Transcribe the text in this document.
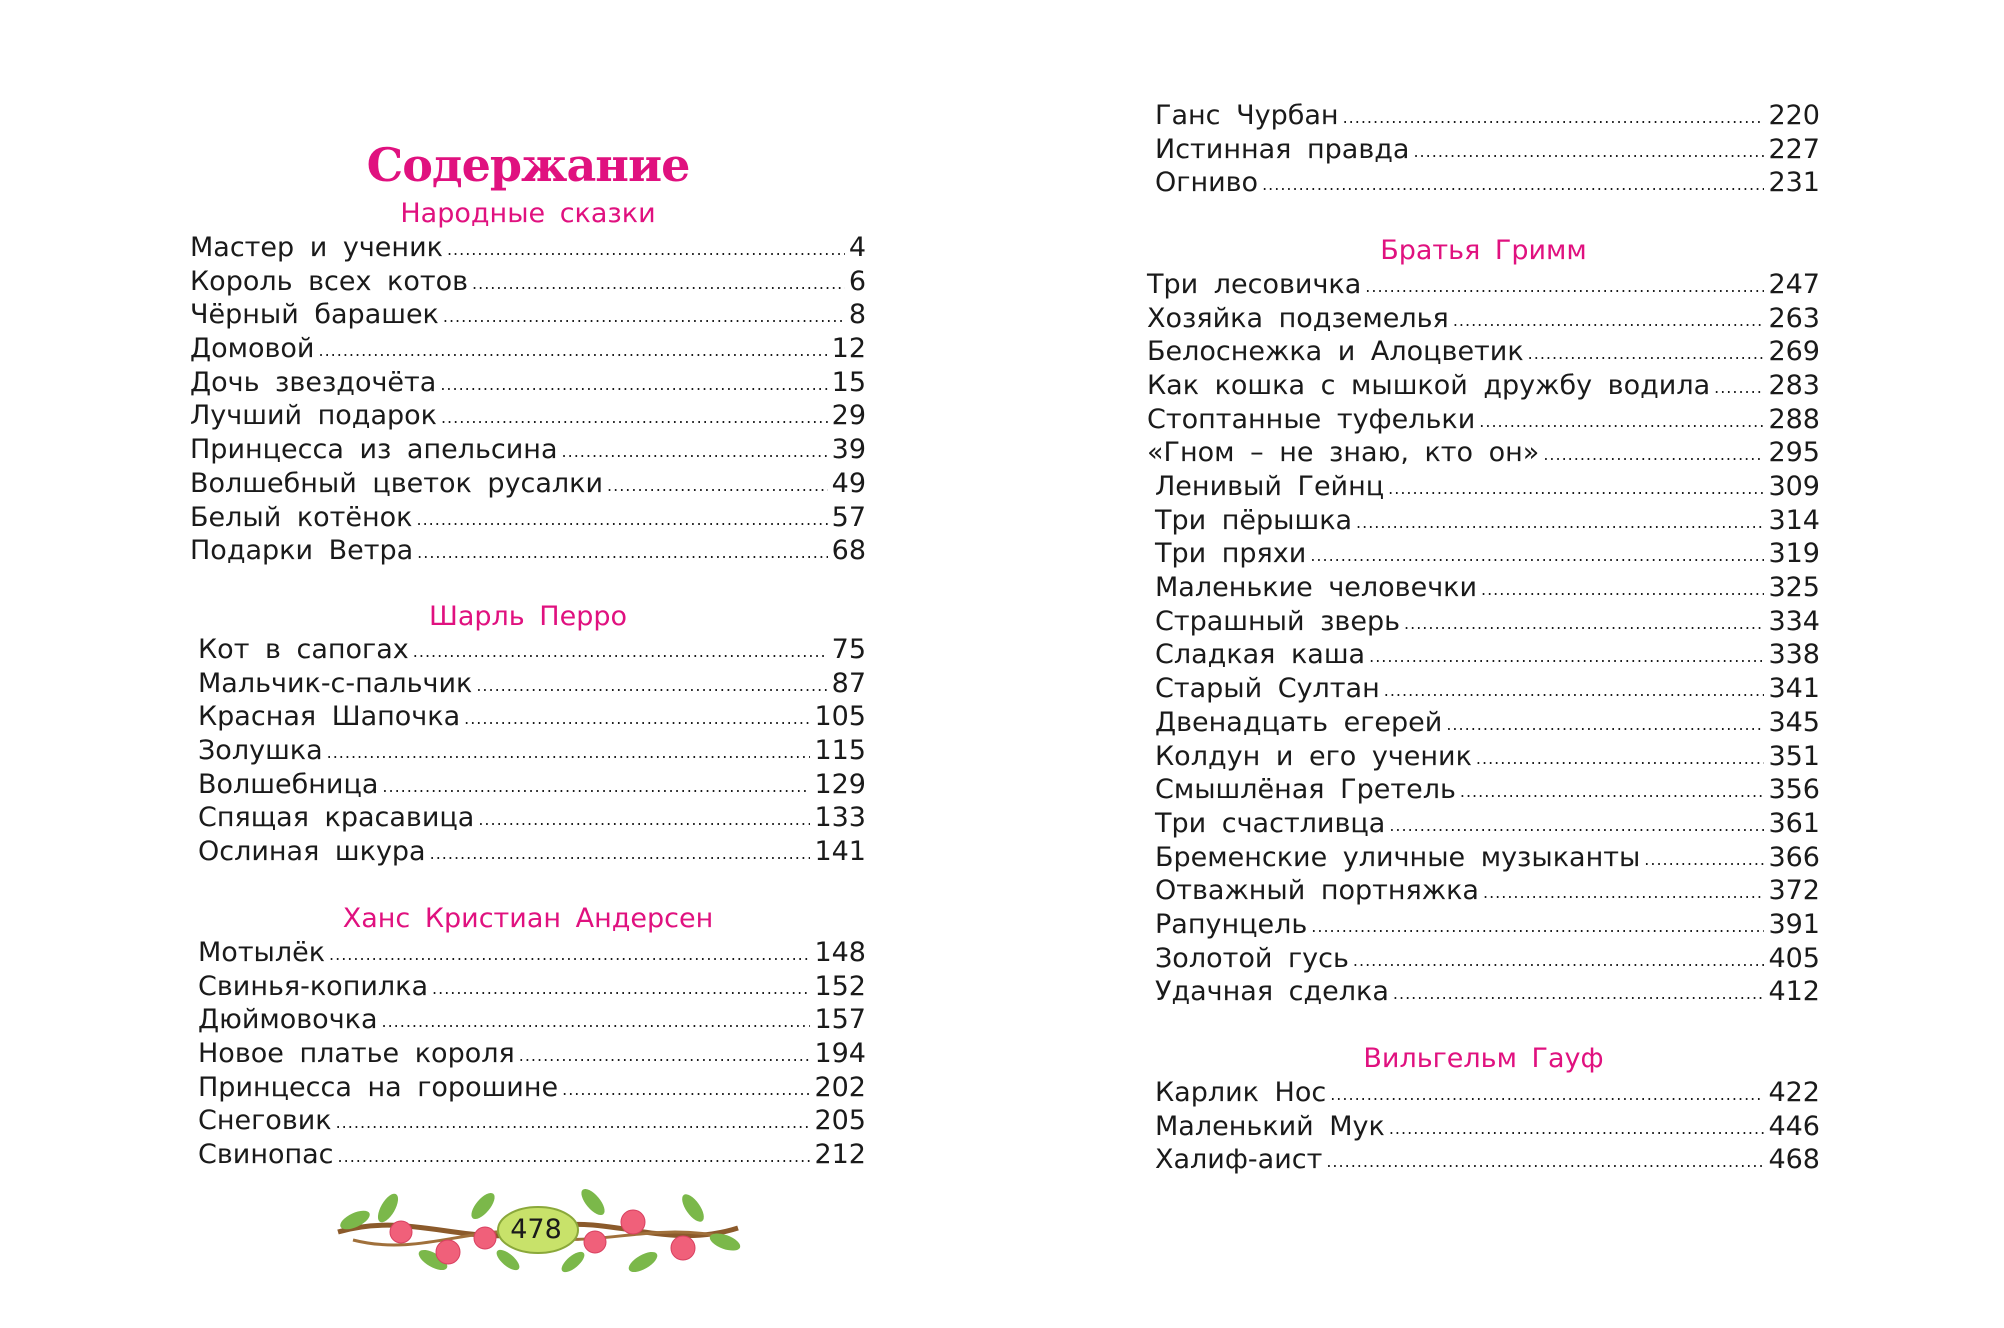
Содержание
Народные сказки
Мастер и ученик .....	4
Король всех котов .....	6
Чёрный барашек .....	8
Домовой .....	12
Дочь звездочёта .....	15
Лучший подарок .....	29
Принцесса из апельсина .....	39
Волшебный цветок русалки .....	49
Белый котёнок .....	57
Подарки Ветра .....	68
Шарль Перро
Кот в сапогах .....	75
Мальчик-с-пальчик .....	87
Красная Шапочка .....	105
Золушка .....	115
Волшебница .....	129
Спящая красавица .....	133
Ослиная шкура .....	141
Ханс Кристиан Андерсен
Мотылёк .....	148
Свинья-копилка .....	152
Дюймовочка .....	157
Новое платье короля .....	194
Принцесса на горошине .....	202
Снеговик .....	205
Свинопас .....	212
478
Ганс Чурбан .....	220
Истинная правда .....	227
Огниво .....	231
Братья Гримм
Три лесовичка .....	247
Хозяйка подземелья .....	263
Белоснежка и Алоцветик .....	269
Как кошка с мышкой дружбу водила ..... 283
Стоптанные туфельки .....	288
«Гном – не знаю, кто он» .....	295
Ленивый Гейнц .....	309
Три пёрышка .....	314
Три пряхи .....	319
Маленькие человечки .....	325
Страшный зверь .....	334
Сладкая каша .....	338
Старый Султан .....	341
Двенадцать егерей .....	345
Колдун и его ученик .....	351
Смышлёная Гретель .....	356
Три счастливца .....	361
Бременские уличные музыканты .....	366
Отважный портняжка .....	372
Рапунцель .....	391
Золотой гусь .....	405
Удачная сделка .....	412
Вильгельм Гауф
Карлик Нос .....	422
Маленький Мук .....	446
Халиф-аист .....	468
